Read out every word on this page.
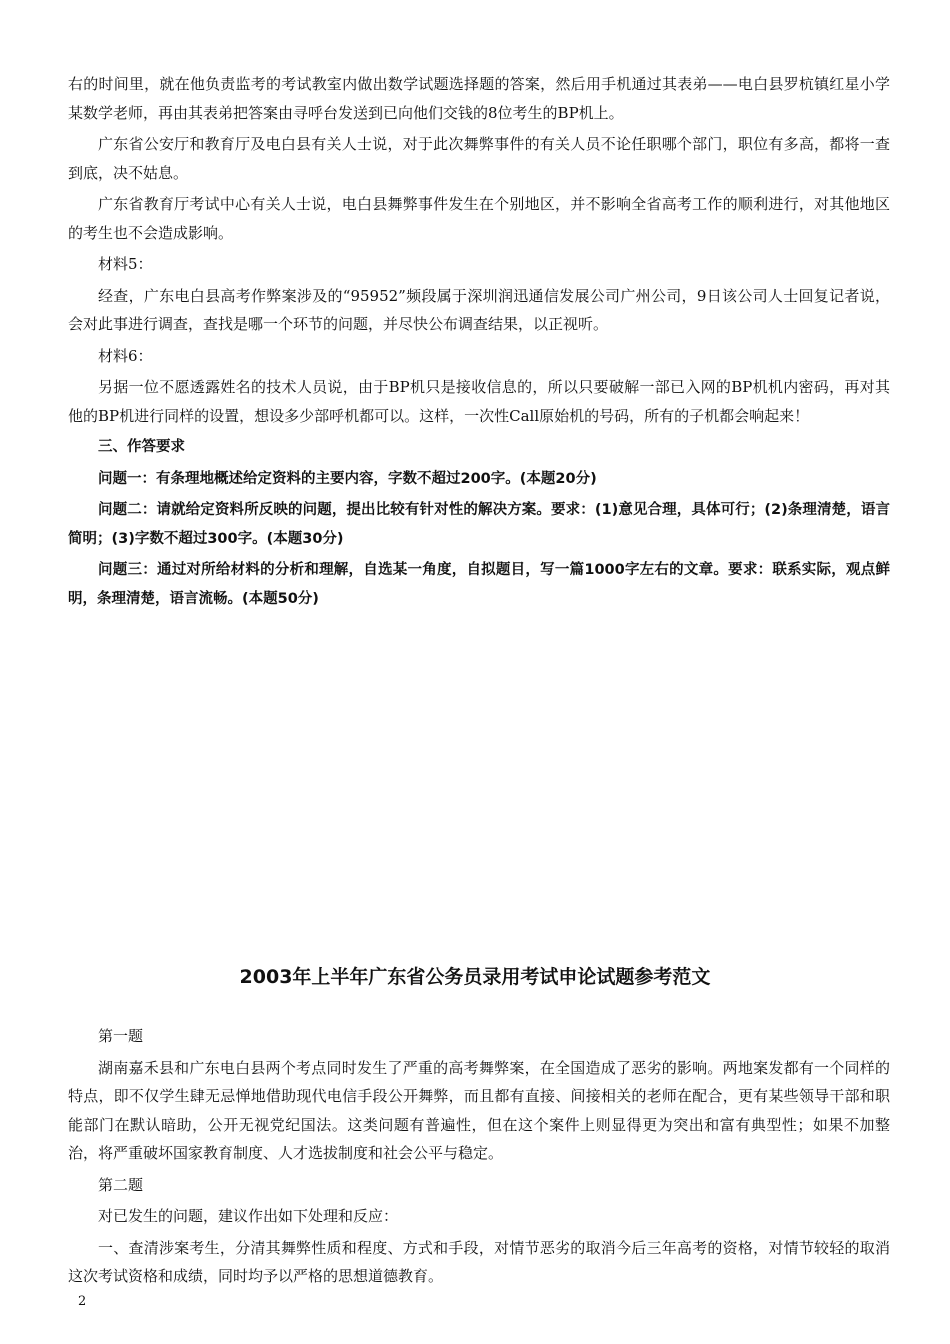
右的时间里，就在他负责监考的考试教室内做出数学试题选择题的答案，然后用手机通过其表弟——电白县罗杭镇红星小学某数学老师，再由其表弟把答案由寻呼台发送到已向他们交钱的8位考生的BP机上。

广东省公安厅和教育厅及电白县有关人士说，对于此次舞弊事件的有关人员不论任职哪个部门，职位有多高，都将一查到底，决不姑息。

广东省教育厅考试中心有关人士说，电白县舞弊事件发生在个别地区，并不影响全省高考工作的顺利进行，对其他地区的考生也不会造成影响。

材料5：

经查，广东电白县高考作弊案涉及的“95952”频段属于深圳润迅通信发展公司广州公司，9日该公司人士回复记者说，会对此事进行调查，查找是哪一个环节的问题，并尽快公布调查结果，以正视听。

材料6：

另据一位不愿透露姓名的技术人员说，由于BP机只是接收信息的，所以只要破解一部已入网的BP机机内密码，再对其他的BP机进行同样的设置，想设多少部呼机都可以。这样，一次性Call原始机的号码，所有的子机都会响起来！

三、作答要求

问题一：有条理地概述给定资料的主要内容，字数不超过200字。(本题20分)

问题二：请就给定资料所反映的问题，提出比较有针对性的解决方案。要求：(1)意见合理，具体可行；(2)条理清楚，语言简明；(3)字数不超过300字。(本题30分)

问题三：通过对所给材料的分析和理解，自选某一角度，自拟题目，写一篇1000字左右的文章。要求：联系实际，观点鲜明，条理清楚，语言流畅。(本题50分)

2003年上半年广东省公务员录用考试申论试题参考范文

第一题

湖南嘉禾县和广东电白县两个考点同时发生了严重的高考舞弊案，在全国造成了恶劣的影响。两地案发都有一个同样的特点，即不仅学生肆无忌惮地借助现代电信手段公开舞弊，而且都有直接、间接相关的老师在配合，更有某些领导干部和职能部门在默认暗助，公开无视党纪国法。这类问题有普遍性，但在这个案件上则显得更为突出和富有典型性；如果不加整治，将严重破坏国家教育制度、人才选拔制度和社会公平与稳定。

第二题

对已发生的问题，建议作出如下处理和反应：

一、查清涉案考生，分清其舞弊性质和程度、方式和手段，对情节恶劣的取消今后三年高考的资格，对情节较轻的取消这次考试资格和成绩，同时均予以严格的思想道德教育。

2
